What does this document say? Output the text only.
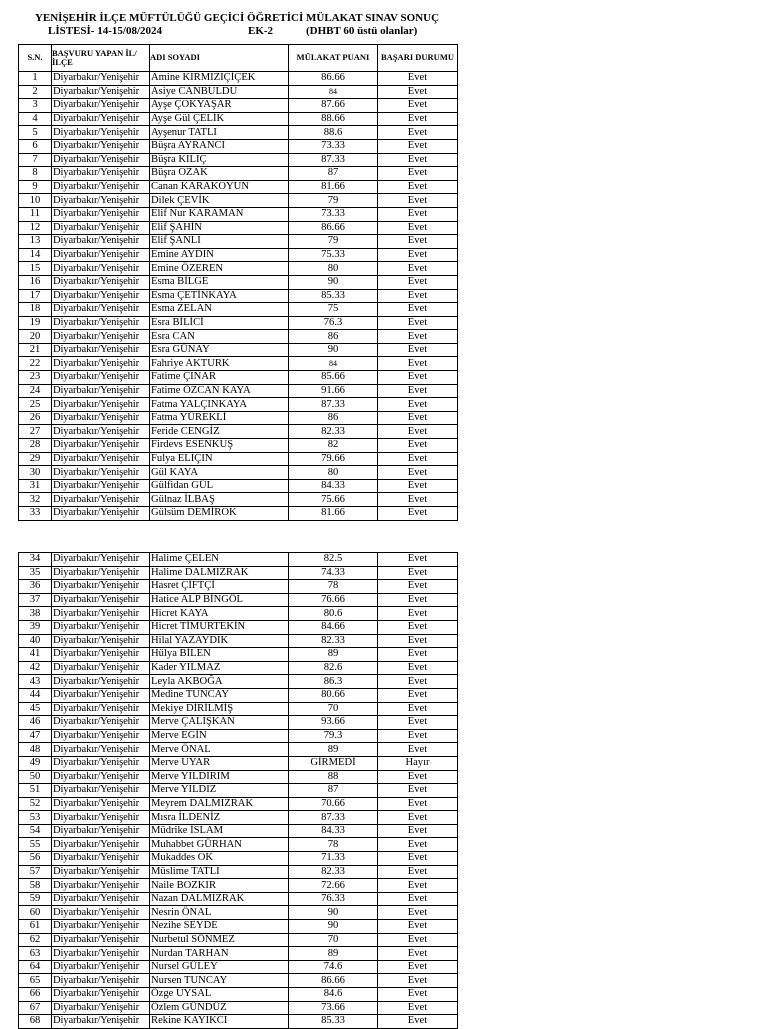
YENİŞEHİR İLÇE MÜFTÜLÜĞÜ GEÇİCİ ÖĞRETİCİ MÜLAKAT SINAV SONUÇ
LİSTESİ- 14-15/08/2024	EK-2	(DHBT 60 üstü olanlar)
S.N.	BAŞVURU YAPAN İL/İLÇE	ADI SOYADI	MÜLAKAT PUANI	BAŞARI DURUMU
1	Diyarbakır/Yenişehir	Amine KIRMIZIÇİÇEK	86.66	Evet
2	Diyarbakır/Yenişehir	Asiye CANBULDU	84	Evet
3	Diyarbakır/Yenişehir	Ayşe ÇOKYAŞAR	87.66	Evet
4	Diyarbakır/Yenişehir	Ayşe Gül ÇELİK	88.66	Evet
5	Diyarbakır/Yenişehir	Ayşenur TATLI	88.6	Evet
6	Diyarbakır/Yenişehir	Büşra AYRANCI	73.33	Evet
7	Diyarbakır/Yenişehir	Büşra KILIÇ	87.33	Evet
8	Diyarbakır/Yenişehir	Büşra OZAK	87	Evet
9	Diyarbakır/Yenişehir	Canan KARAKOYUN	81.66	Evet
10	Diyarbakır/Yenişehir	Dilek ÇEVİK	79	Evet
11	Diyarbakır/Yenişehir	Elif Nur KARAMAN	73.33	Evet
12	Diyarbakır/Yenişehir	Elif ŞAHİN	86.66	Evet
13	Diyarbakır/Yenişehir	Elif ŞANLI	79	Evet
14	Diyarbakır/Yenişehir	Emine AYDIN	75.33	Evet
15	Diyarbakır/Yenişehir	Emine ÖZEREN	80	Evet
16	Diyarbakır/Yenişehir	Esma BİLGE	90	Evet
17	Diyarbakır/Yenişehir	Esma ÇETİNKAYA	85.33	Evet
18	Diyarbakır/Yenişehir	Esma ZELAN	75	Evet
19	Diyarbakır/Yenişehir	Esra BİLİCİ	76.3	Evet
20	Diyarbakır/Yenişehir	Esra CAN	86	Evet
21	Diyarbakır/Yenişehir	Esra GÜNAY	90	Evet
22	Diyarbakır/Yenişehir	Fahriye AKTURK	84	Evet
23	Diyarbakır/Yenişehir	Fatime ÇINAR	85.66	Evet
24	Diyarbakır/Yenişehir	Fatime ÖZCAN KAYA	91.66	Evet
25	Diyarbakır/Yenişehir	Fatma YALÇINKAYA	87.33	Evet
26	Diyarbakır/Yenişehir	Fatma YÜREKLİ	86	Evet
27	Diyarbakır/Yenişehir	Feride CENGİZ	82.33	Evet
28	Diyarbakır/Yenişehir	Firdevs ESENKUŞ	82	Evet
29	Diyarbakır/Yenişehir	Fulya ELIÇIN	79.66	Evet
30	Diyarbakır/Yenişehir	Gül KAYA	80	Evet
31	Diyarbakır/Yenişehir	Gülfidan GÜL	84.33	Evet
32	Diyarbakır/Yenişehir	Gülnaz İLBAŞ	75.66	Evet
33	Diyarbakır/Yenişehir	Gülsüm DEMİROK	81.66	Evet
34	Diyarbakır/Yenişehir	Halime ÇELEN	82.5	Evet
35	Diyarbakır/Yenişehir	Halime DALMIZRAK	74.33	Evet
36	Diyarbakır/Yenişehir	Hasret ÇİFTÇİ	78	Evet
37	Diyarbakır/Yenişehir	Hatice ALP BİNGÖL	76.66	Evet
38	Diyarbakır/Yenişehir	Hicret KAYA	80.6	Evet
39	Diyarbakır/Yenişehir	Hicret TİMURTEKİN	84.66	Evet
40	Diyarbakır/Yenişehir	Hilal YAZAYDIK	82.33	Evet
41	Diyarbakır/Yenişehir	Hülya BİLEN	89	Evet
42	Diyarbakır/Yenişehir	Kader YILMAZ	82.6	Evet
43	Diyarbakır/Yenişehir	Leyla AKBOĞA	86.3	Evet
44	Diyarbakır/Yenişehir	Medine TUNCAY	80.66	Evet
45	Diyarbakır/Yenişehir	Mekiye DİRİLMİŞ	70	Evet
46	Diyarbakır/Yenişehir	Merve ÇALIŞKAN	93.66	Evet
47	Diyarbakır/Yenişehir	Merve EĞİN	79.3	Evet
48	Diyarbakır/Yenişehir	Merve ÖNAL	89	Evet
49	Diyarbakır/Yenişehir	Merve UYAR	GİRMEDİ	Hayır
50	Diyarbakır/Yenişehir	Merve YILDIRIM	88	Evet
51	Diyarbakır/Yenişehir	Merve YILDIZ	87	Evet
52	Diyarbakır/Yenişehir	Meyrem DALMIZRAK	70.66	Evet
53	Diyarbakır/Yenişehir	Mısra İLDENİZ	87.33	Evet
54	Diyarbakır/Yenişehir	Müdrike İSLAM	84.33	Evet
55	Diyarbakır/Yenişehir	Muhabbet GÜRHAN	78	Evet
56	Diyarbakır/Yenişehir	Mukaddes OK	71.33	Evet
57	Diyarbakır/Yenişehir	Müslime TATLI	82.33	Evet
58	Diyarbakır/Yenişehir	Naile BOZKIR	72.66	Evet
59	Diyarbakır/Yenişehir	Nazan DALMIZRAK	76.33	Evet
60	Diyarbakır/Yenişehir	Nesrin ÖNAL	90	Evet
61	Diyarbakır/Yenişehir	Nezihe SEYDE	90	Evet
62	Diyarbakır/Yenişehir	Nurbetul SÖNMEZ	70	Evet
63	Diyarbakır/Yenişehir	Nurdan TARHAN	89	Evet
64	Diyarbakır/Yenişehir	Nursel GÜLEY	74.6	Evet
65	Diyarbakır/Yenişehir	Nursen TUNCAY	86.66	Evet
66	Diyarbakır/Yenişehir	Özge UYSAL	84.6	Evet
67	Diyarbakır/Yenişehir	Özlem GÜNDÜZ	73.66	Evet
68	Diyarbakır/Yenişehir	Rekine KAYIKCI	85.33	Evet
